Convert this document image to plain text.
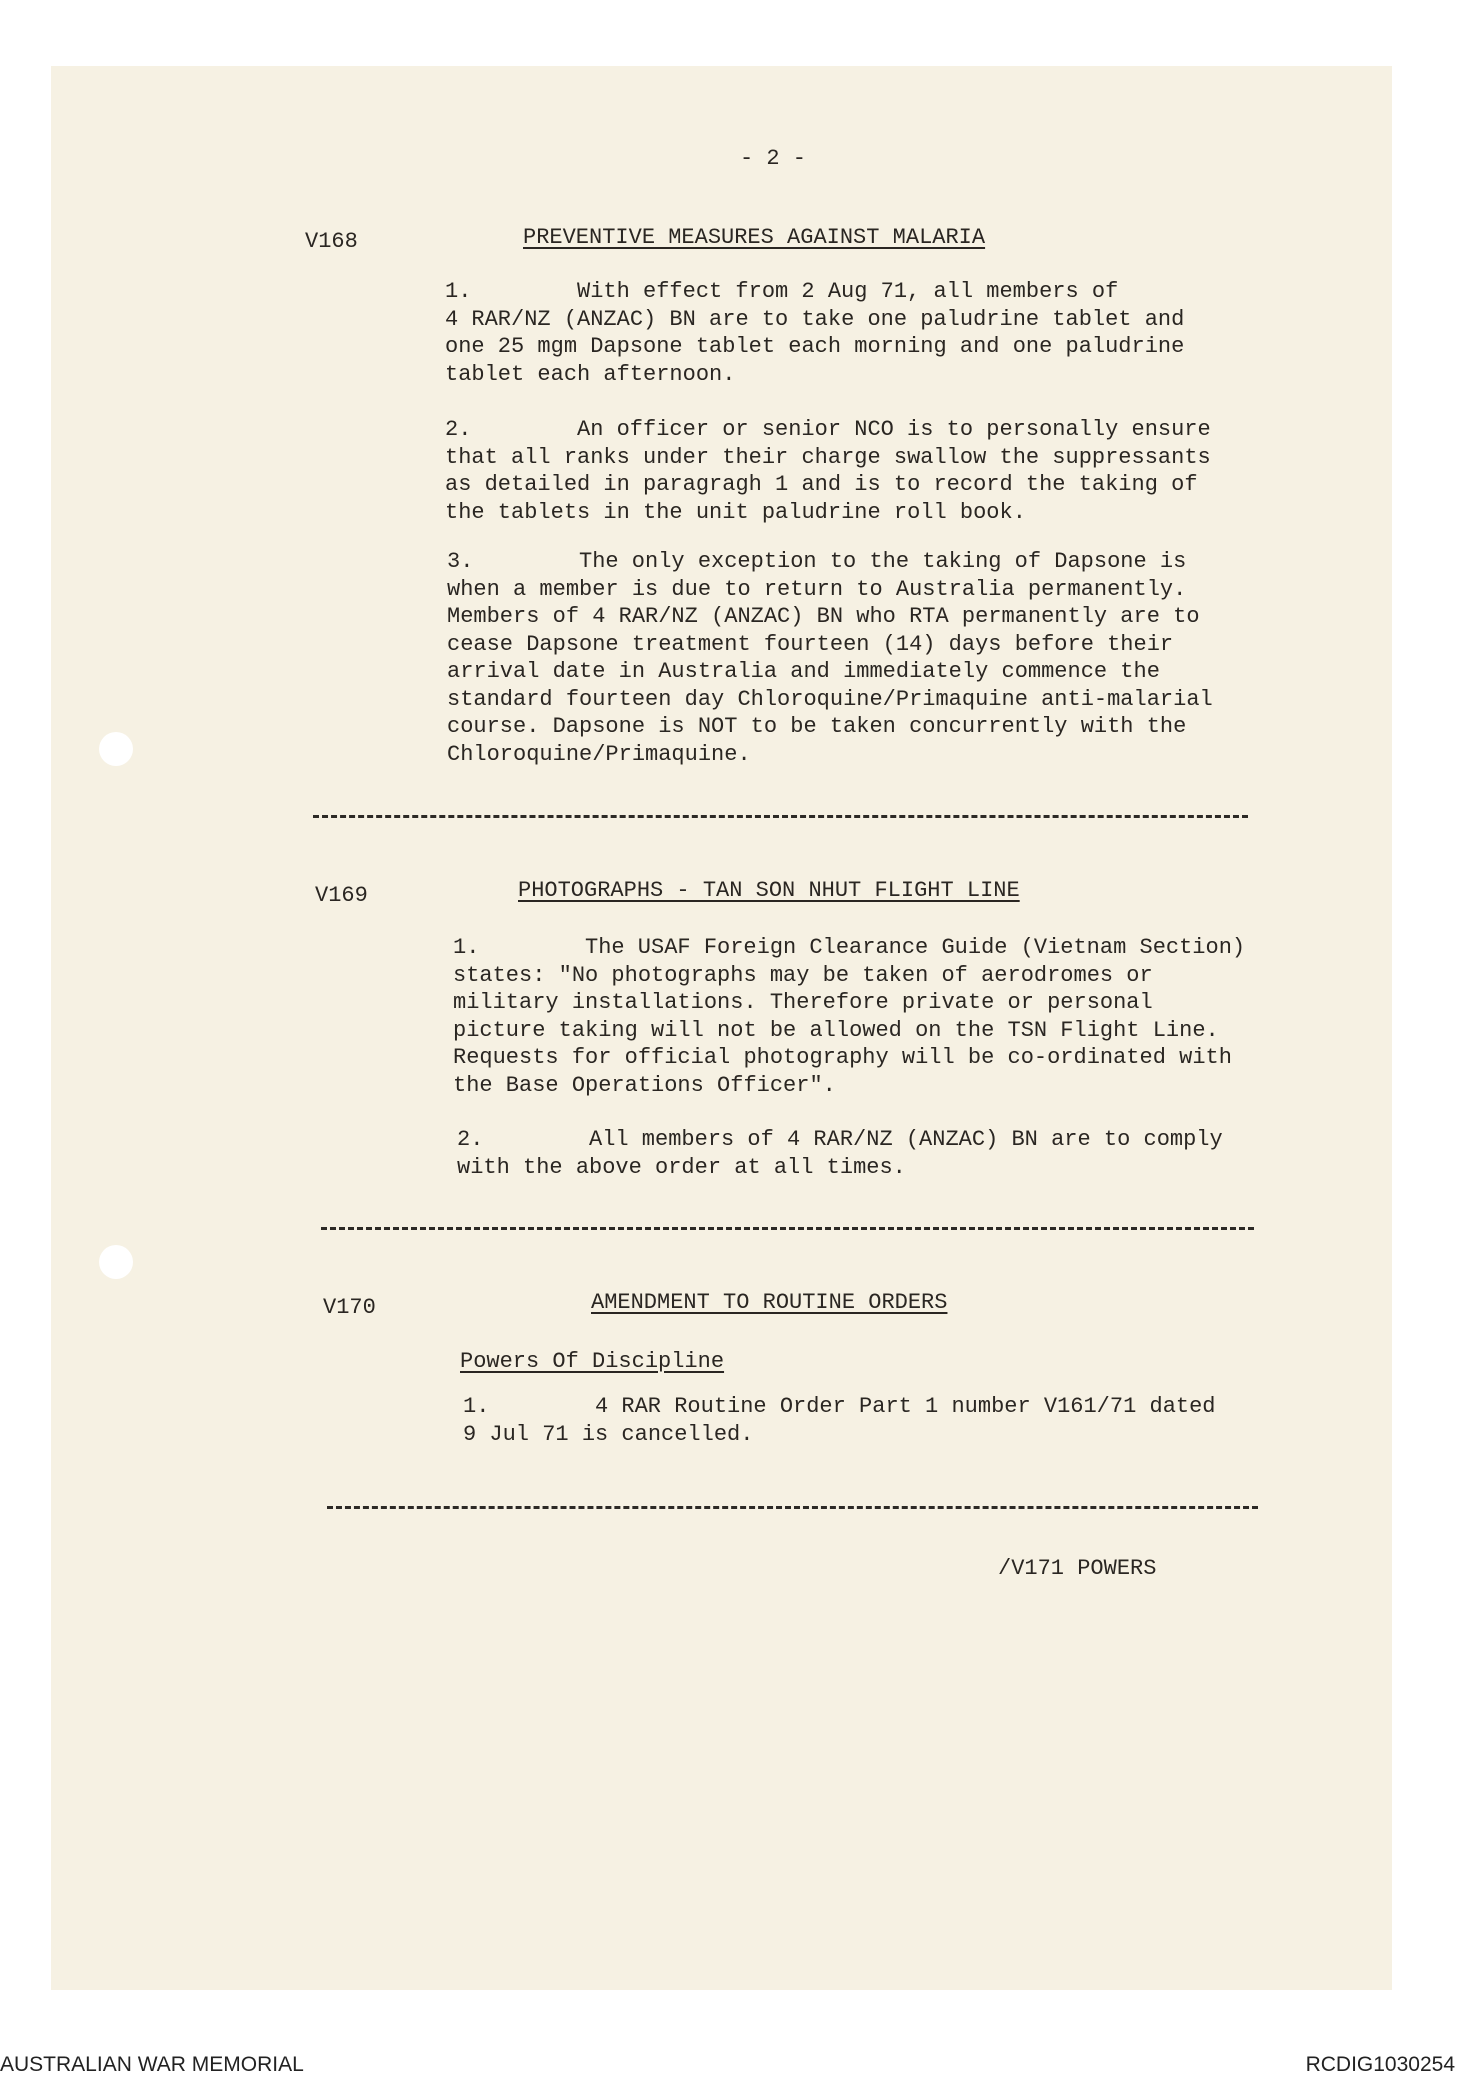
- 2 -
V168	PREVENTIVE MEASURES AGAINST MALARIA
1.	With effect from 2 Aug 71, all members of
4 RAR/NZ (ANZAC) BN are to take one paludrine tablet and
one 25 mgm Dapsone tablet each morning and one paludrine
tablet each afternoon.
2.	An officer or senior NCO is to personally ensure
that all ranks under their charge swallow the suppressants
as detailed in paragragh 1 and is to record the taking of
the tablets in the unit paludrine roll book.
3.	The only exception to the taking of Dapsone is
when a member is due to return to Australia permanently.
Members of 4 RAR/NZ (ANZAC) BN who RTA permanently are to
cease Dapsone treatment fourteen (14) days before their
arrival date in Australia and immediately commence the
standard fourteen day Chloroquine/Primaquine anti-malarial
course. Dapsone is NOT to be taken concurrently with the
Chloroquine/Primaquine.
V169	PHOTOGRAPHS - TAN SON NHUT FLIGHT LINE
1.	The USAF Foreign Clearance Guide (Vietnam Section)
states: "No photographs may be taken of aerodromes or
military installations. Therefore private or personal
picture taking will not be allowed on the TSN Flight Line.
Requests for official photography will be co-ordinated with
the Base Operations Officer".
2.	All members of 4 RAR/NZ (ANZAC) BN are to comply
with the above order at all times.
V170	AMENDMENT TO ROUTINE ORDERS
Powers Of Discipline
1.	4 RAR Routine Order Part 1 number V161/71 dated
9 Jul 71 is cancelled.
/V171 POWERS
AUSTRALIAN WAR MEMORIAL	RCDIG1030254
